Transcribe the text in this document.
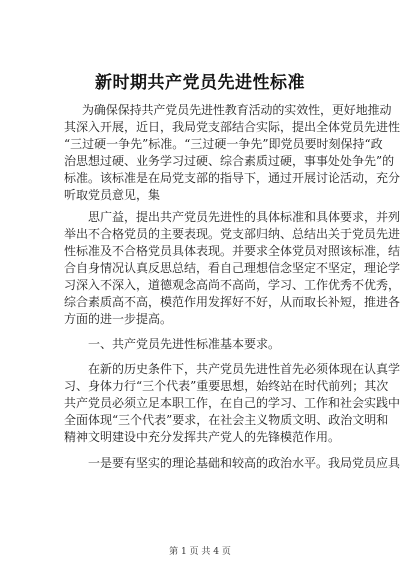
新时期共产党员先进性标准
为确保保持共产党员先进性教育活动的实效性，更好地推动
其深入开展，近日，我局党支部结合实际，提出全体党员先进性
“三过硬一争先”标准。“三过硬一争先”即党员要时刻保持“政
治思想过硬、业务学习过硬、综合素质过硬，事事处处争先”的
标准。该标准是在局党支部的指导下，通过开展讨论活动，充分
听取党员意见，集
思广益，提出共产党员先进性的具体标准和具体要求，并列
举出不合格党员的主要表现。党支部归纳、总结出关于党员先进
性标准及不合格党员具体表现。并要求全体党员对照该标准，结
合自身情况认真反思总结，看自己理想信念坚定不坚定，理论学
习深入不深入，道德观念高尚不高尚，学习、工作优秀不优秀，
综合素质高不高，模范作用发挥好不好，从而取长补短，推进各
方面的进一步提高。
一、共产党员先进性标准基本要求。
在新的历史条件下，共产党员先进性首先必须体现在认真学
习、身体力行“三个代表”重要思想，始终站在时代前列；其次
共产党员必须立足本职工作，在自己的学习、工作和社会实践中
全面体现“三个代表”要求，在社会主义物质文明、政治文明和
精神文明建设中充分发挥共产党人的先锋模范作用。
一是要有坚实的理论基础和较高的政治水平。我局党员应具
第 1 页 共 4 页
